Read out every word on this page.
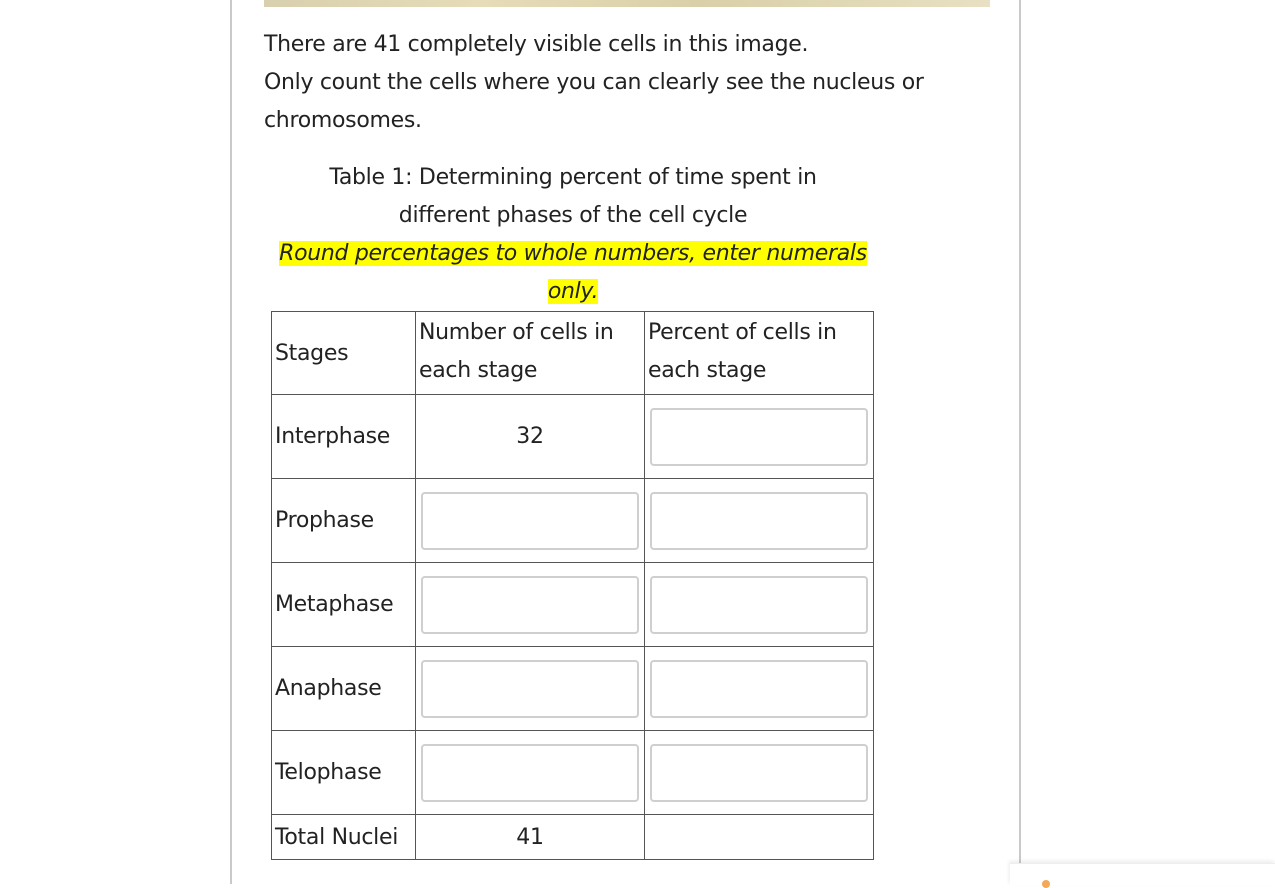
There are 41 completely visible cells in this image.

Only count the cells where you can clearly see the nucleus or chromosomes.

Table 1: Determining percent of time spent in different phases of the cell cycle
Round percentages to whole numbers, enter numerals only.
Stages	Number of cells in each stage	Percent of cells in each stage
Interphase	32	

Prophase	

Metaphase	

Anaphase	

Telophase	

Total Nuclei	41	
